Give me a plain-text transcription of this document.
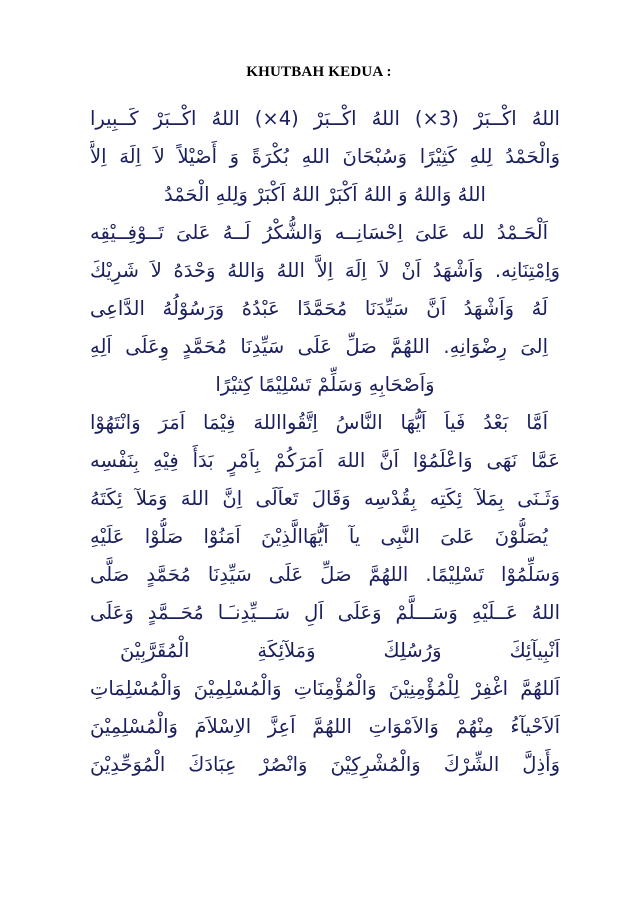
KHUTBAH KEDUA :
اللهُ اكْــبَرْ (3×) اللهُ اكْــبَرْ (4×) اللهُ اكْــبَرْ كَــبِيرا
وَالْحَمْدُ لِلهِ كَثِيْرًا وَسُبْحَانَ اللهِ بُكْرَةً وَ أَصْيْلاً لاَ اِلَهَ اِلاَّ
اللهُ وَاللهُ وَ اللهُ اَكْبَرْ اللهُ اَكْبَرْ وَلِلهِ الْحَمْدُ
اَلْحَـمْدُ لله عَلىَ اِحْسَانِــه وَالشُّكْرُ لَــهُ عَلىَ تَــوْفِــيْقِه
وَاِمْتِنَانِه. وَاَشْهَدُ اَنْ لاَ اِلَهَ اِلاَّ اللهُ وَاللهُ وَحْدَهُ لاَ شَرِيْكَ
لَهُ وَاَشْهَدُ اَنَّ سَيِّدَنَا مُحَمَّدًا عَبْدُهُ وَرَسُوْلُهُ الدَّاعِى
اِلىَ رِضْوَانِهِ. اللهُمَّ صَلِّ عَلَى سَيِّدِنَا مُحَمَّدٍ وِعَلَى اَلِهِ
وَاَصْحَابِهِ وَسَلِّمْ تَسْلِيْمًا كِثيْرًا
اَمَّا بَعْدُ فَياَ اَيُّهَا النَّاسُ اِتَّقُوااللهَ فِيْمَا اَمَرَ وَانْتَهُوْا
عَمَّا نَهَى وَاعْلَمُوْا اَنَّ اللهَ اَمَرَكُمْ بِاَمْرٍ بَدَأَ فِيْهِ بِنَفْسِه
وَثَـنَى بِمَلآ ئِكَتِه بِقُدْسِه وَقَالَ تَعاَلَى اِنَّ اللهَ وَمَلآ ئِكَتَهُ
يُصَلُّوْنَ عَلىَ النَّبِى يآ اَيُّهَاالَّذِيْنَ اَمَنُوْا صَلُّوْا عَلَيْهِ
وَسَلِّمُوْا تَسْلِيْمًا. اللهُمَّ صَلِّ عَلَى سَيِّدِنَا مُحَمَّدٍ صَلَّى
اللهُ عَــلَيْهِ وَسَـــلَّمْ وَعَلَى اَلِ سَـــيِّدِنـَـا مُحَــمَّدٍ وَعَلَى
اَنْبِيآئِكَ وَرُسُلِكَ وَمَلآئِكَةِ الْمُقَرَّبِيْنَ
اَللهُمَّ اغْفِرْ لِلْمُؤْمِنِيْنَ وَالْمُؤْمِنَاتِ وَالْمُسْلِمِيْنَ وَالْمُسْلِمَاتِ
اَلاَحْيآءُ مِنْهُمْ وَالاَمْوَاتِ اللهُمَّ اَعِزَّ الاِسْلاَمَ وَالْمُسْلِمِيْنَ
وَأَذِلَّ الشِّرْكَ وَالْمُشْرِكِيْنَ وَانْصُرْ عِبَادَكَ الْمُوَحِّدِيْنَ
